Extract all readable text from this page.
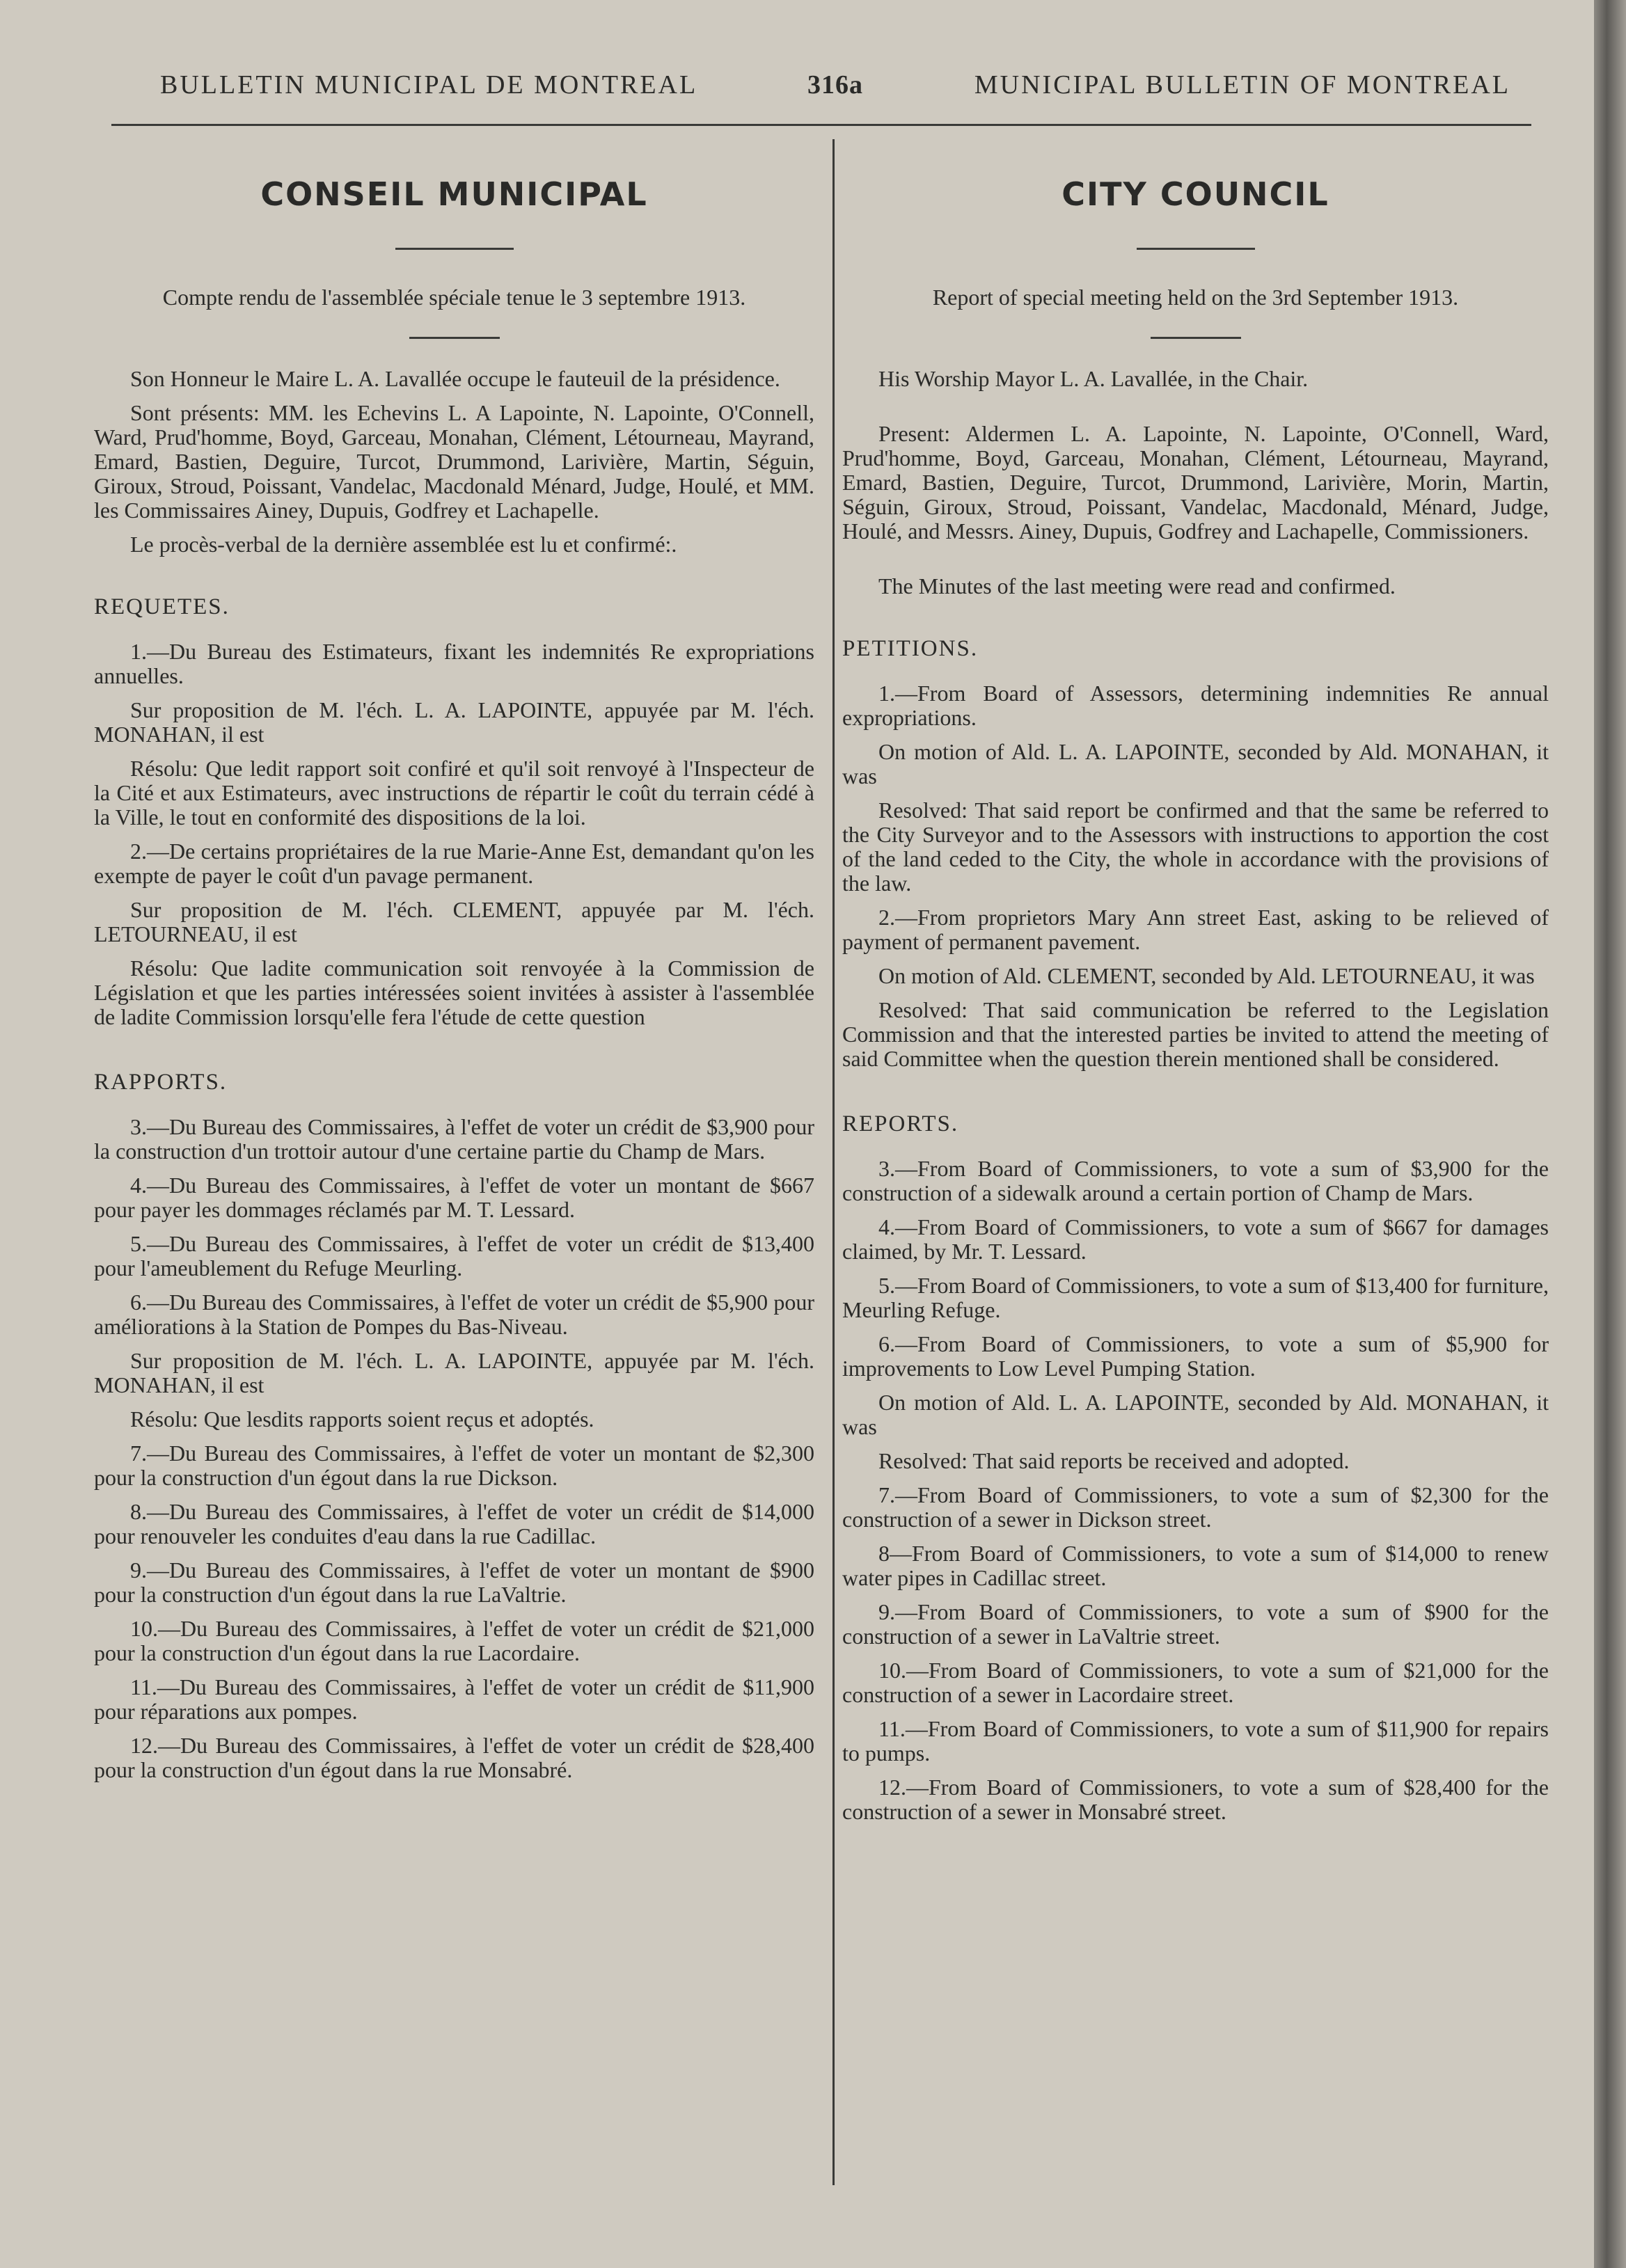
BULLETIN MUNICIPAL DE MONTREAL	316a	MUNICIPAL BULLETIN OF MONTREAL
CONSEIL MUNICIPAL
Compte rendu de l'assemblée spéciale tenue le 3 septembre 1913.

Son Honneur le Maire L. A. Lavallée occupe le fauteuil de la présidence.

Sont présents: MM. les Echevins L. A Lapointe, N. Lapointe, O'Connell, Ward, Prud'homme, Boyd, Garceau, Monahan, Clément, Létourneau, Mayrand, Emard, Bastien, Deguire, Turcot, Drummond, Larivière, Martin, Séguin, Giroux, Stroud, Poissant, Vandelac, Macdonald Ménard, Judge, Houlé, et MM. les Commissaires Ainey, Dupuis, Godfrey et Lachapelle.

Le procès-verbal de la dernière assemblée est lu et confirmé:.

REQUETES.

1.—Du Bureau des Estimateurs, fixant les indemnités Re expropriations annuelles.

Sur proposition de M. l'éch. L. A. LAPOINTE, appuyée par M. l'éch. MONAHAN, il est

Résolu: Que ledit rapport soit confiré et qu'il soit renvoyé à l'Inspecteur de la Cité et aux Estimateurs, avec instructions de répartir le coût du terrain cédé à la Ville, le tout en conformité des dispositions de la loi.

2.—De certains propriétaires de la rue Marie-Anne Est, demandant qu'on les exempte de payer le coût d'un pavage permanent.

Sur proposition de M. l'éch. CLEMENT, appuyée par M. l'éch. LETOURNEAU, il est

Résolu: Que ladite communication soit renvoyée à la Commission de Législation et que les parties intéressées soient invitées à assister à l'assemblée de ladite Commission lorsqu'elle fera l'étude de cette question

RAPPORTS.

3.—Du Bureau des Commissaires, à l'effet de voter un crédit de $3,900 pour la construction d'un trottoir autour d'une certaine partie du Champ de Mars.

4.—Du Bureau des Commissaires, à l'effet de voter un montant de $667 pour payer les dommages réclamés par M. T. Lessard.

5.—Du Bureau des Commissaires, à l'effet de voter un crédit de $13,400 pour l'ameublement du Refuge Meurling.

6.—Du Bureau des Commissaires, à l'effet de voter un crédit de $5,900 pour améliorations à la Station de Pompes du Bas-Niveau.

Sur proposition de M. l'éch. L. A. LAPOINTE, appuyée par M. l'éch. MONAHAN, il est

Résolu: Que lesdits rapports soient reçus et adoptés.

7.—Du Bureau des Commissaires, à l'effet de voter un montant de $2,300 pour la construction d'un égout dans la rue Dickson.

8.—Du Bureau des Commissaires, à l'effet de voter un crédit de $14,000 pour renouveler les conduites d'eau dans la rue Cadillac.

9.—Du Bureau des Commissaires, à l'effet de voter un montant de $900 pour la construction d'un égout dans la rue LaValtrie.

10.—Du Bureau des Commissaires, à l'effet de voter un crédit de $21,000 pour la construction d'un égout dans la rue Lacordaire.

11.—Du Bureau des Commissaires, à l'effet de voter un crédit de $11,900 pour réparations aux pompes.

12.—Du Bureau des Commissaires, à l'effet de voter un crédit de $28,400 pour la construction d'un égout dans la rue Monsabré.

CITY COUNCIL
Report of special meeting held on the 3rd September 1913.

His Worship Mayor L. A. Lavallée, in the Chair.

Present: Aldermen L. A. Lapointe, N. Lapointe, O'Connell, Ward, Prud'homme, Boyd, Garceau, Monahan, Clément, Létourneau, Mayrand, Emard, Bastien, Deguire, Turcot, Drummond, Larivière, Morin, Martin, Séguin, Giroux, Stroud, Poissant, Vandelac, Macdonald, Ménard, Judge, Houlé, and Messrs. Ainey, Dupuis, Godfrey and Lachapelle, Commissioners.

The Minutes of the last meeting were read and confirmed.

PETITIONS.

1.—From Board of Assessors, determining indemnities Re annual expropriations.

On motion of Ald. L. A. LAPOINTE, seconded by Ald. MONAHAN, it was

Resolved: That said report be confirmed and that the same be referred to the City Surveyor and to the Assessors with instructions to apportion the cost of the land ceded to the City, the whole in accordance with the provisions of the law.

2.—From proprietors Mary Ann street East, asking to be relieved of payment of permanent pavement.

On motion of Ald. CLEMENT, seconded by Ald. LETOURNEAU, it was

Resolved: That said communication be referred to the Legislation Commission and that the interested parties be invited to attend the meeting of said Committee when the question therein mentioned shall be considered.

REPORTS.

3.—From Board of Commissioners, to vote a sum of $3,900 for the construction of a sidewalk around a certain portion of Champ de Mars.

4.—From Board of Commissioners, to vote a sum of $667 for damages claimed, by Mr. T. Lessard.

5.—From Board of Commissioners, to vote a sum of $13,400 for furniture, Meurling Refuge.

6.—From Board of Commissioners, to vote a sum of $5,900 for improvements to Low Level Pumping Station.

On motion of Ald. L. A. LAPOINTE, seconded by Ald. MONAHAN, it was

Resolved: That said reports be received and adopted.

7.—From Board of Commissioners, to vote a sum of $2,300 for the construction of a sewer in Dickson street.

8—From Board of Commissioners, to vote a sum of $14,000 to renew water pipes in Cadillac street.

9.—From Board of Commissioners, to vote a sum of $900 for the construction of a sewer in LaValtrie street.

10.—From Board of Commissioners, to vote a sum of $21,000 for the construction of a sewer in Lacordaire street.

11.—From Board of Commissioners, to vote a sum of $11,900 for repairs to pumps.

12.—From Board of Commissioners, to vote a sum of $28,400 for the construction of a sewer in Monsabré street.
